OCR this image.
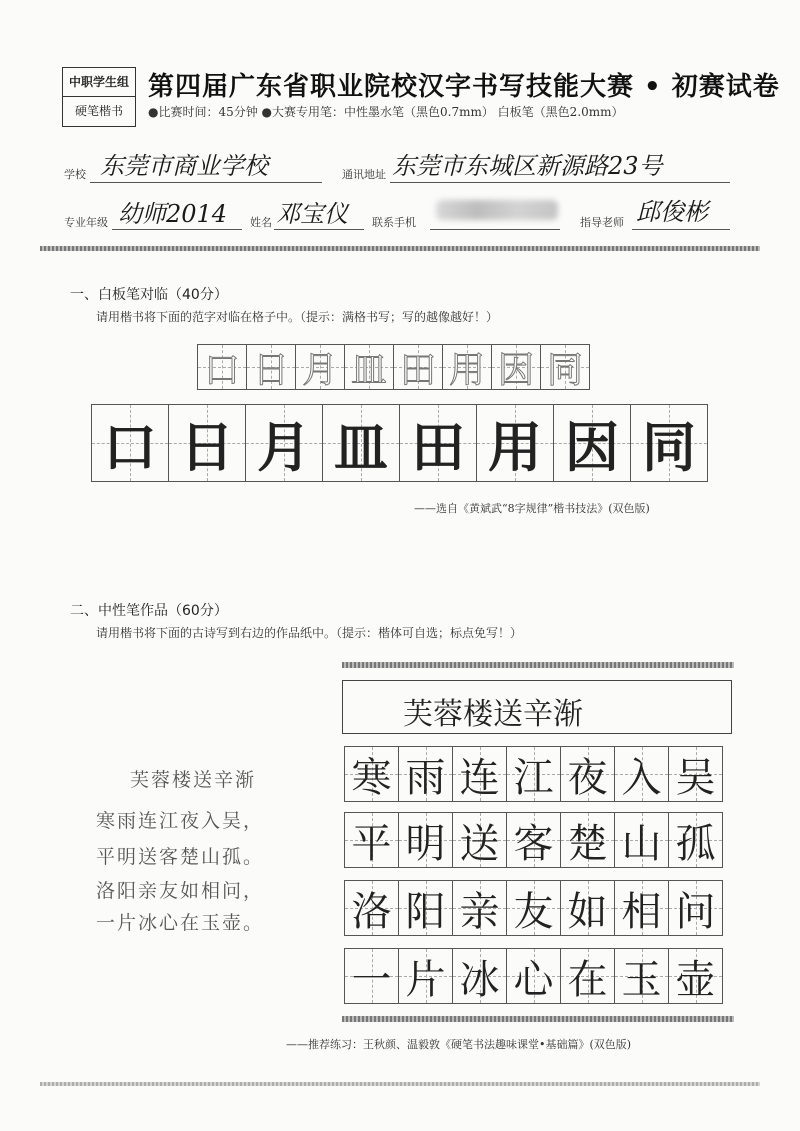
中职学生组
硬笔楷书
第四届广东省职业院校汉字书写技能大赛 • 初赛试卷
●比赛时间：45分钟 ●大赛专用笔：中性墨水笔（黑色0.7mm） 白板笔（黑色2.0mm）
学校 东莞市商业学校	通讯地址 东莞市东城区新源路23号
专业年级 幼师2014 姓名 邓宝仪 联系手机	指导老师 邱俊彬
一、白板笔对临（40分）
请用楷书将下面的范字对临在格子中。（提示：满格书写；写的越像越好！）
口 日 月 皿 田 用 因 同
口 日 月 皿 田 用 因 同
——选自《黄斌武“8字规律”楷书技法》(双色版)
二、中性笔作品（60分）
请用楷书将下面的古诗写到右边的作品纸中。（提示：楷体可自选；标点免写！）
芙蓉楼送辛渐
寒雨连江夜入吴，
平明送客楚山孤。
洛阳亲友如相问，
一片冰心在玉壶。
芙蓉楼送辛渐
寒 雨 连 江 夜 入 吴
平 明 送 客 楚 山 孤
洛 阳 亲 友 如 相 问
一 片 冰 心 在 玉 壶
——推荐练习：王秋颜、温毅敦《硬笔书法趣味课堂•基础篇》(双色版)
